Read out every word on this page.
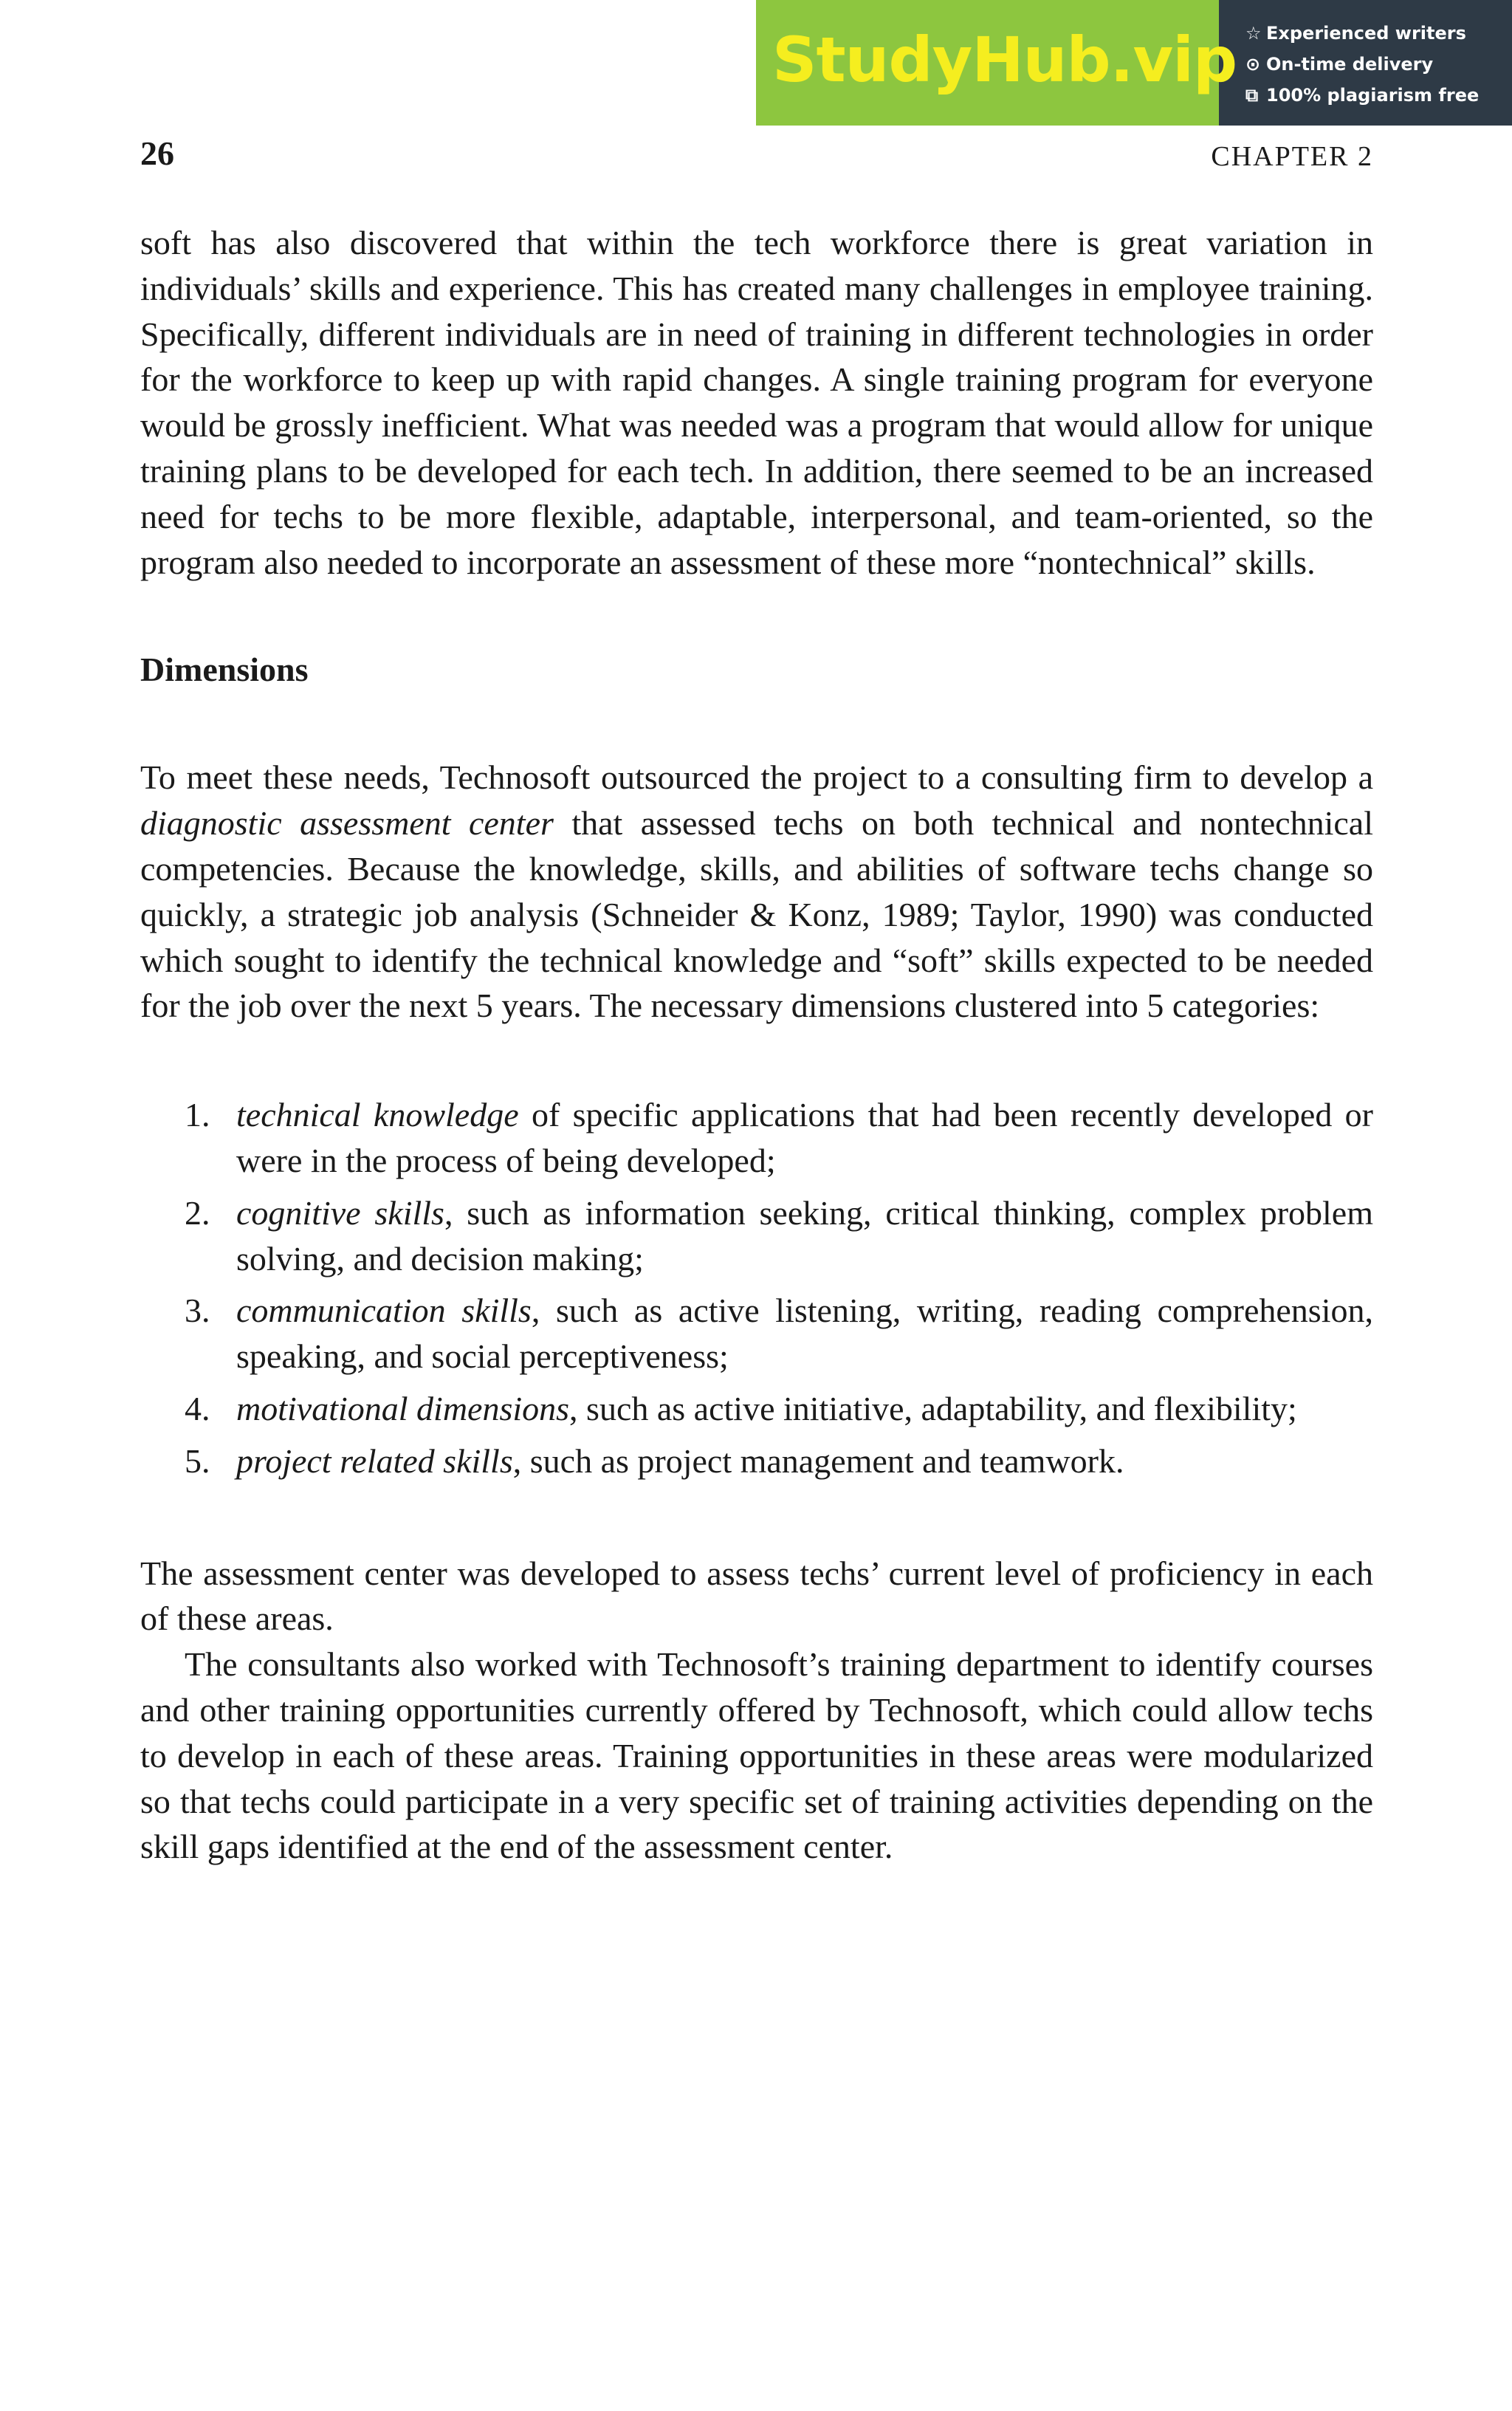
StudyHub.vip ☆ Experienced writers
⊙ On-time delivery
⧉ 100% plagiarism free
26	CHAPTER 2

soft has also discovered that within the tech workforce there is great variation in individuals’ skills and experience. This has created many challenges in employee training. Specifically, different individuals are in need of training in different technologies in order for the workforce to keep up with rapid changes. A single training program for everyone would be grossly inefficient. What was needed was a program that would allow for unique training plans to be developed for each tech. In addition, there seemed to be an increased need for techs to be more flexible, adaptable, interpersonal, and team-oriented, so the program also needed to incorporate an assessment of these more “nontechnical” skills.

Dimensions

To meet these needs, Technosoft outsourced the project to a consulting firm to develop a diagnostic assessment center that assessed techs on both technical and nontechnical competencies. Because the knowledge, skills, and abilities of software techs change so quickly, a strategic job analysis (Schneider & Konz, 1989; Taylor, 1990) was conducted which sought to identify the technical knowledge and “soft” skills expected to be needed for the job over the next 5 years. The necessary dimensions clustered into 5 categories:

1. technical knowledge of specific applications that had been recently developed or were in the process of being developed;
2. cognitive skills, such as information seeking, critical thinking, complex problem solving, and decision making;
3. communication skills, such as active listening, writing, reading comprehension, speaking, and social perceptiveness;
4. motivational dimensions, such as active initiative, adaptability, and flexibility;
5. project related skills, such as project management and teamwork.

The assessment center was developed to assess techs’ current level of proficiency in each of these areas.

The consultants also worked with Technosoft’s training department to identify courses and other training opportunities currently offered by Technosoft, which could allow techs to develop in each of these areas. Training opportunities in these areas were modularized so that techs could participate in a very specific set of training activities depending on the skill gaps identified at the end of the assessment center.
